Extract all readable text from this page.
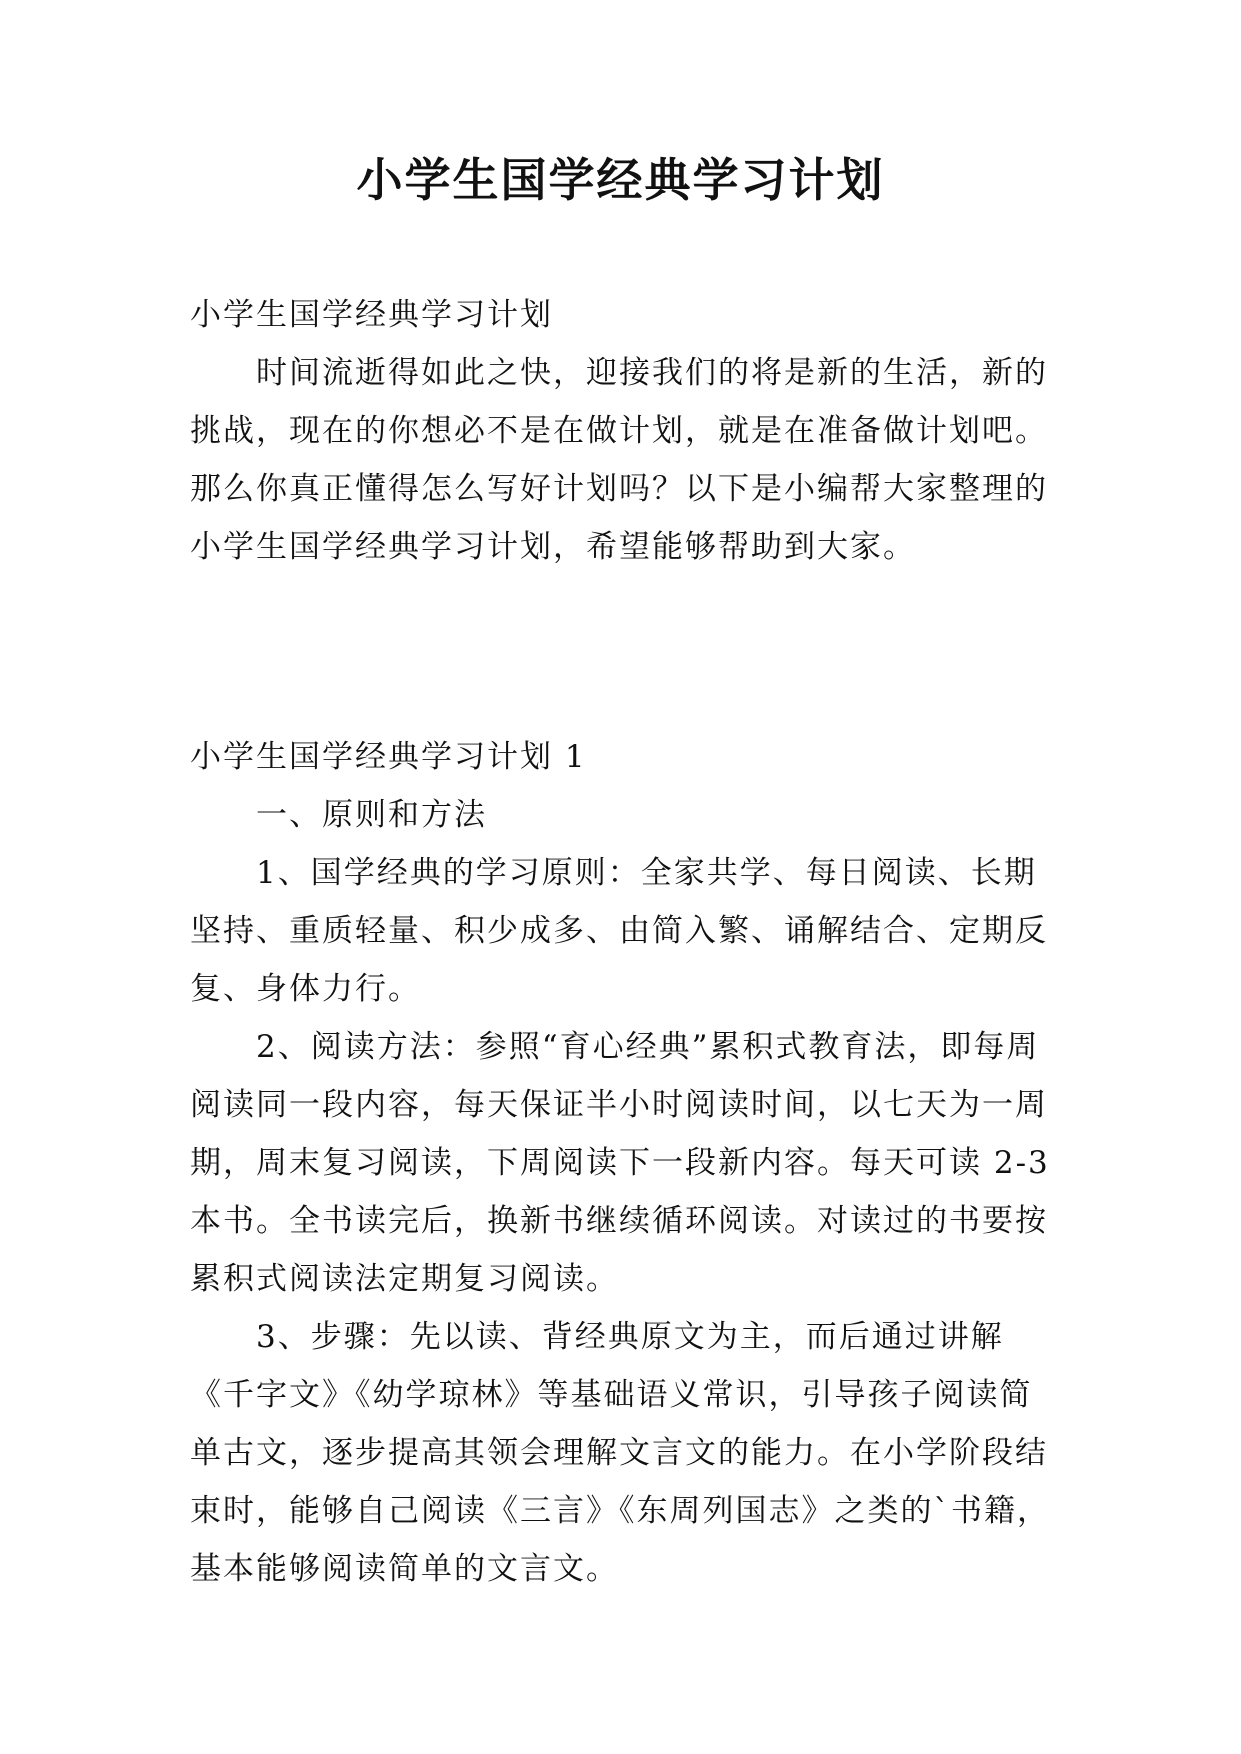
小学生国学经典学习计划

小学生国学经典学习计划

时间流逝得如此之快，迎接我们的将是新的生活，新的挑战，现在的你想必不是在做计划，就是在准备做计划吧。那么你真正懂得怎么写好计划吗？以下是小编帮大家整理的小学生国学经典学习计划，希望能够帮助到大家。

小学生国学经典学习计划 1

一、原则和方法

1、国学经典的学习原则：全家共学、每日阅读、长期坚持、重质轻量、积少成多、由简入繁、诵解结合、定期反复、身体力行。

2、阅读方法：参照“育心经典”累积式教育法，即每周阅读同一段内容，每天保证半小时阅读时间，以七天为一周期，周末复习阅读，下周阅读下一段新内容。每天可读 2-3 本书。全书读完后，换新书继续循环阅读。对读过的书要按累积式阅读法定期复习阅读。

3、步骤：先以读、背经典原文为主，而后通过讲解《千字文》《幼学琼林》等基础语义常识，引导孩子阅读简单古文，逐步提高其领会理解文言文的能力。在小学阶段结束时，能够自己阅读《三言》《东周列国志》之类的`书籍，基本能够阅读简单的文言文。
